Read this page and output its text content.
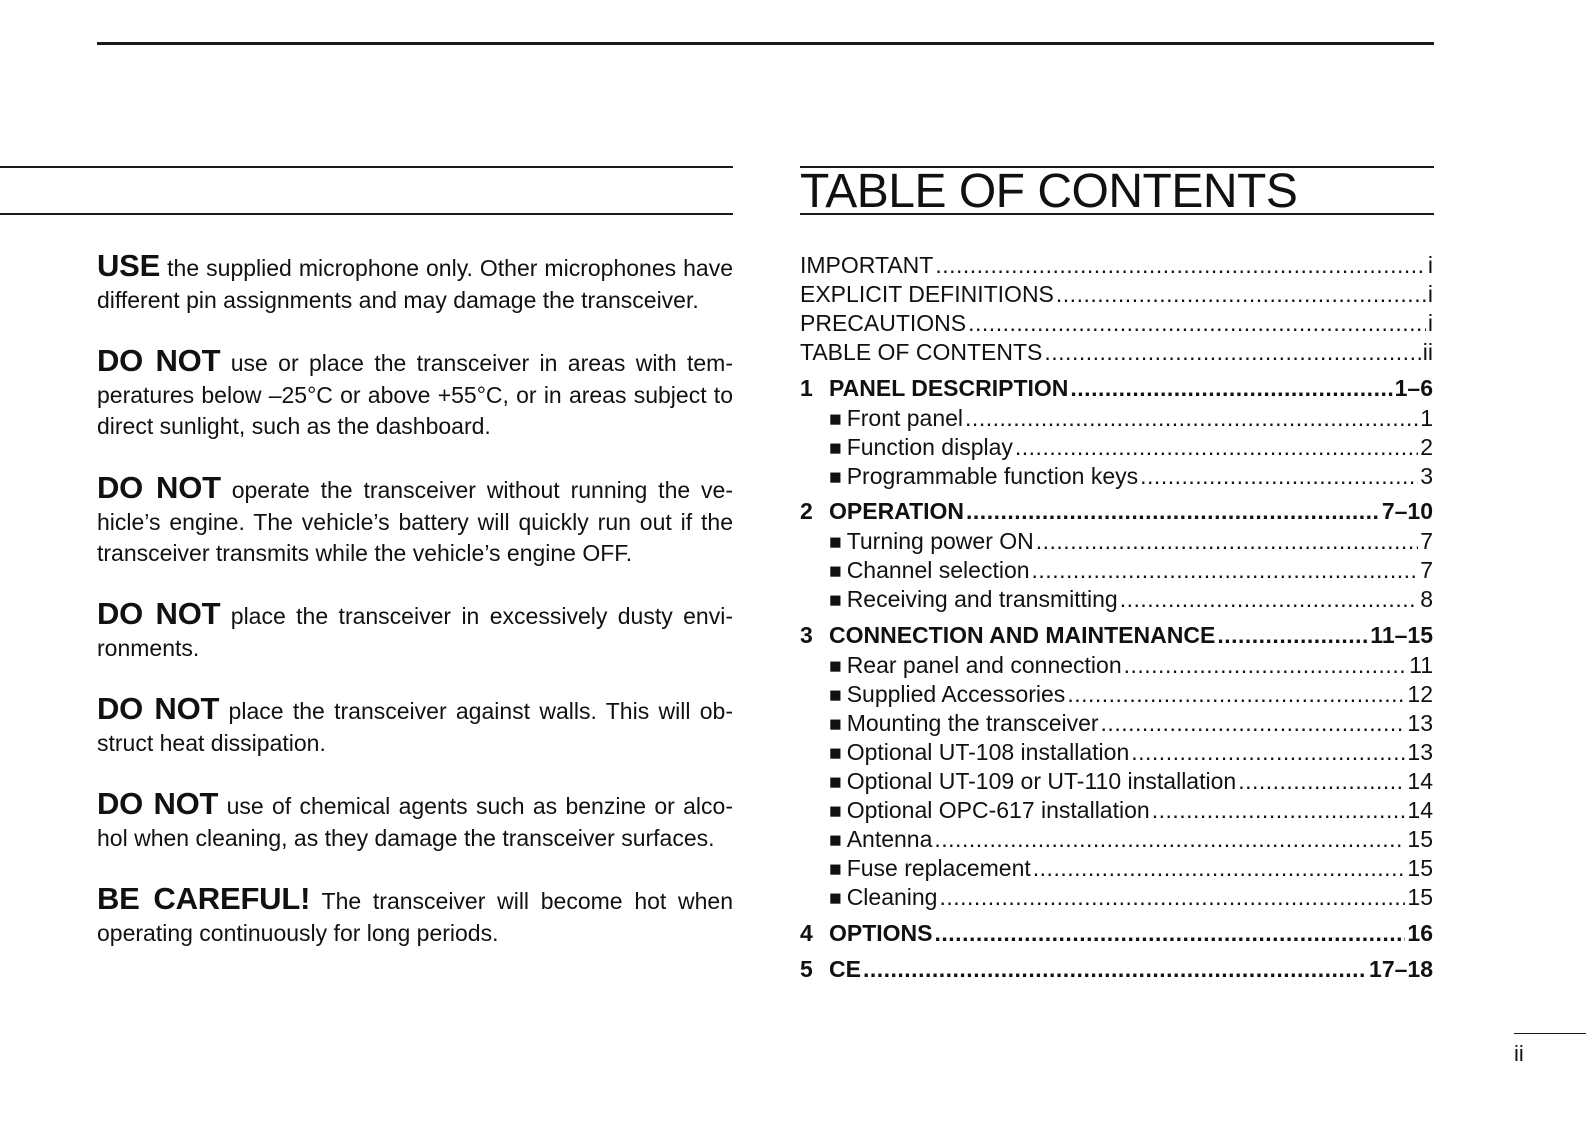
USE the supplied microphone only. Other microphones have different pin assignments and may damage the transceiver.

DO NOT use or place the transceiver in areas with temperatures below –25°C or above +55°C, or in areas subject to direct sunlight, such as the dashboard.

DO NOT operate the transceiver without running the vehicle’s engine. The vehicle’s battery will quickly run out if the transceiver transmits while the vehicle’s engine OFF.

DO NOT place the transceiver in excessively dusty environments.

DO NOT place the transceiver against walls. This will obstruct heat dissipation.

DO NOT use of chemical agents such as benzine or alcohol when cleaning, as they damage the transceiver surfaces.

BE CAREFUL! The transceiver will become hot when operating continuously for long periods.

TABLE OF CONTENTS
IMPORTANT .....	i
EXPLICIT DEFINITIONS .....	i
PRECAUTIONS .....	i
TABLE OF CONTENTS .....	ii
1 PANEL DESCRIPTION .....	1–6
■ Front panel .....	1
■ Function display .....	2
■ Programmable function keys .....	3
2 OPERATION .....	7–10
■ Turning power ON .....	7
■ Channel selection .....	7
■ Receiving and transmitting .....	8
3 CONNECTION AND MAINTENANCE .....	11–15
■ Rear panel and connection .....	11
■ Supplied Accessories .....	12
■ Mounting the transceiver .....	13
■ Optional UT-108 installation .....	13
■ Optional UT-109 or UT-110 installation .....	14
■ Optional OPC-617 installation .....	14
■ Antenna .....	15
■ Fuse replacement .....	15
■ Cleaning .....	15
4 OPTIONS .....	16
5 CE .....	17–18
ii
